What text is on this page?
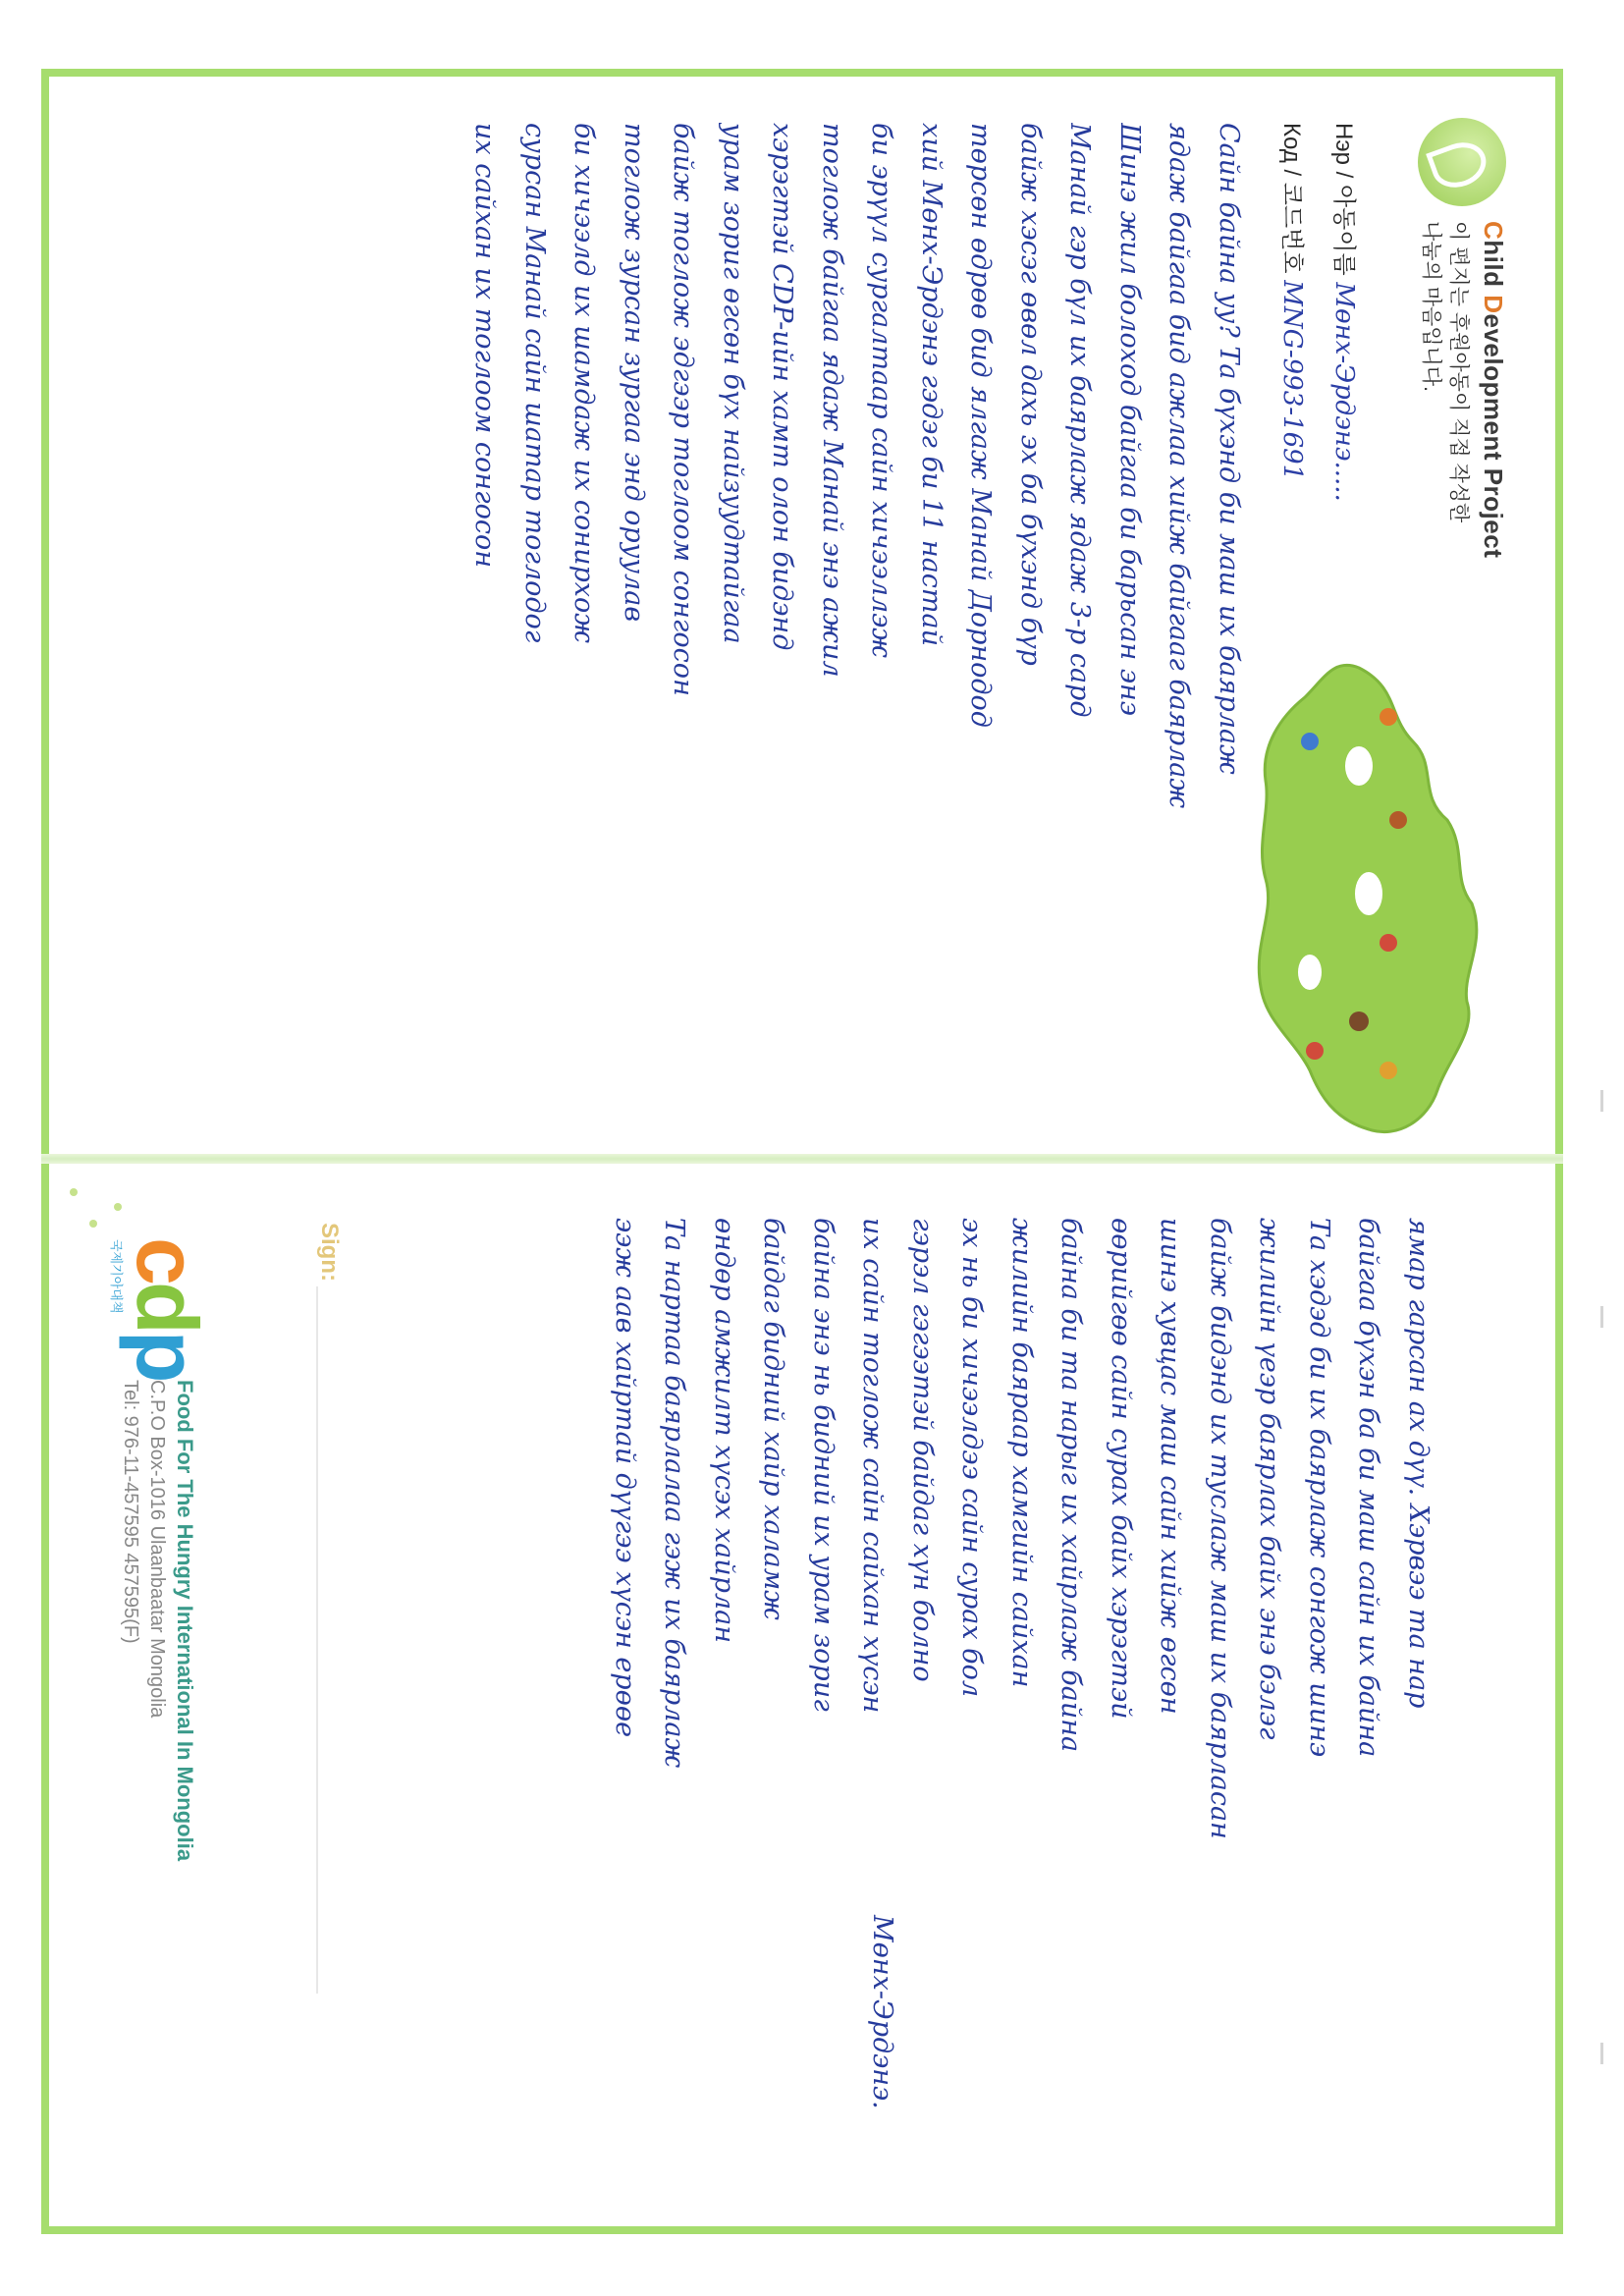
Child Development Project
이 편지는 후원아동이 직접 작성한
나눔의 마음입니다.
Нэр / 아동이름 Мөнх-Эрдэнэ.....
Код / 코드번호 MNG-993-1691
Сайн байна уу? Та бүхэнд би маш их баярлаж
ядаж байгаа бид ажлаа хийж байгааг баярлаж
Шинэ жил болоход байгаа би барьсан энэ
Манай гэр бүл их баярлаж ядаж 3-р сард
байж хэсэг өвөл дахь эх ба бүхэнд бүр
төрсөн өдрөө бид ялгаж Манай Дорнодод
хий Мөнх-Эрдэнэ гэдэг би 11 настай
би эрүүл сургалтаар сайн хичээллэж
тоглож байгаа ядаж Манай энэ ажил
хэрэгтэй CDP-ийн хамт олон бидэнд
урам зориг өгсөн бүх найзуудтайгаа
байж тоглож эдгээр тоглоом сонгосон
тоглож зурсан зургаа энд оруулав
би хичээлд их шамдаж их сонирхож
сурсан Манай сайн шатар тоглодог
их сайхан их тоглоом сонгосон
ямар гарсан ах дүү. Хэрвээ та нар
байгаа бүхэн ба би маш сайн их байна
Та хэдэд би их баярлаж сонгож шинэ
жилийн үеэр баярлах байх энэ бэлэг
байж бидэнд их туслаж маш их баярласан
шинэ хувцас маш сайн хийж өгсөн
өөрийгөө сайн сурах байх хэрэгтэй
байна би та нарыг их хайрлаж байна
жилийн баяраар хамгийн сайхан
эх нь би хичээлдээ сайн сурах бол
гэрэл гэгээтэй байдаг хүн болно
их сайн тоглож сайн сайхан хүсэн
байна энэ нь бидний их урам зориг
байдаг бидний хайр халамж
өндөр амжилт хүсэх хайрлан
Та нартаа баярлалаа гэж их баярлаж
ээж аав хайртай дүүгээ хүсэн ерөөе
Мөнх-Эрдэнэ.
Sign:
cdp
국제기아대책
Food For The Hungry International In Mongolia
C.P.O Box-1016 Ulaanbaatar Mongolia
Tel: 976-11-457595 457595(F)
